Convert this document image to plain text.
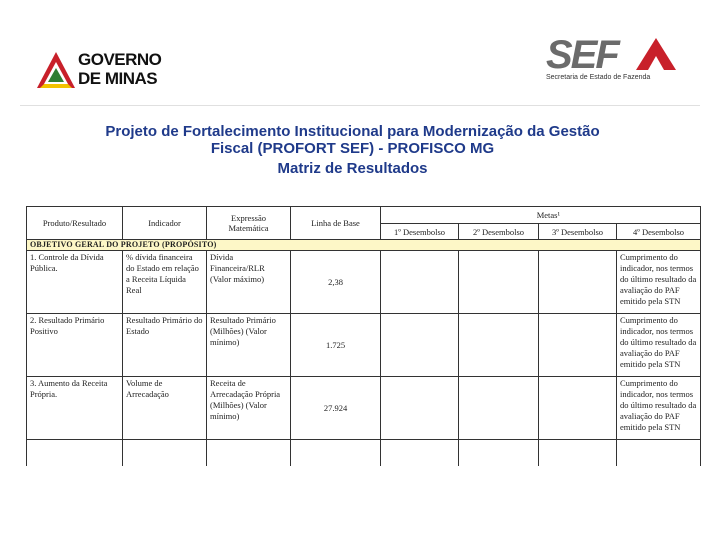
GOVERNO
DE MINAS
SEF
Secretaria de Estado de Fazenda
Projeto de Fortalecimento Institucional para Modernização da Gestão
Fiscal (PROFORT SEF) - PROFISCO MG
Matriz de Resultados
Produto/Resultado	Indicador	Expressão Matemática	Linha de Base	Metas¹			
				1º Desembolso	2º Desembolso	3º Desembolso	4º Desembolso
OBJETIVO GERAL DO PROJETO (PROPÓSITO)							
1. Controle da Dívida Pública.	% dívida financeira do Estado em relação a Receita Líquida Real	Dívida Financeira/RLR (Valor máximo)	2,38				Cumprimento do indicador, nos termos do último resultado da avaliação do PAF emitido pela STN
2. Resultado Primário Positivo	Resultado Primário do Estado	Resultado Primário (Milhões) (Valor mínimo)	1.725				Cumprimento do indicador, nos termos do último resultado da avaliação do PAF emitido pela STN
3. Aumento da Receita Própria.	Volume de Arrecadação	Receita de Arrecadação Própria (Milhões) (Valor mínimo)	27.924				Cumprimento do indicador, nos termos do último resultado da avaliação do PAF emitido pela STN
